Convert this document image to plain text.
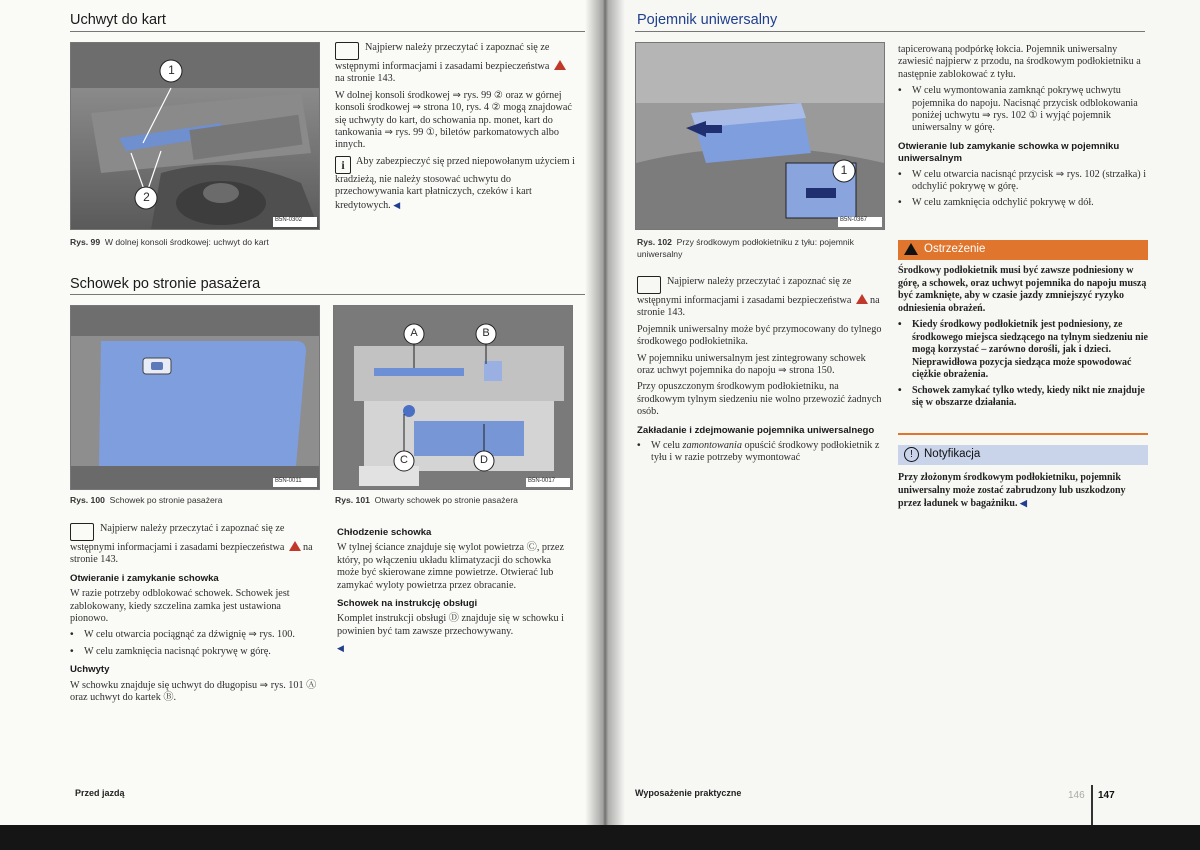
Uchwyt do kart
1
2
B5N-0302
Rys. 99 W dolnej konsoli środkowej: uchwyt do kart

Najpierw należy przeczytać i zapoznać się ze wstępnymi informacjami i zasadami bezpieczeństwa na stronie 143.

W dolnej konsoli środkowej ⇒ rys. 99 ② oraz w górnej konsoli środkowej ⇒ strona 10, rys. 4 ② mogą znajdować się uchwyty do kart, do schowania np. monet, kart do tankowania ⇒ rys. 99 ①, biletów parkomatowych albo innych.

i Aby zabezpieczyć się przed niepowołanym użyciem i kradzieżą, nie należy stosować uchwytu do przechowywania kart płatniczych, czeków i kart kredytowych. ◀

Schowek po stronie pasażera
B5N-0011
Rys. 100 Schowek po stronie pasażera
A	B
C	D
B5N-0017
Rys. 101 Otwarty schowek po stronie pasażera

Najpierw należy przeczytać i zapoznać się ze wstępnymi informacjami i zasadami bezpieczeństwa na stronie 143.

Otwieranie i zamykanie schowka

W razie potrzeby odblokować schowek. Schowek jest zablokowany, kiedy szczelina zamka jest ustawiona pionowo.

• W celu otwarcia pociągnąć za dźwignię ⇒ rys. 100.

• W celu zamknięcia nacisnąć pokrywę w górę.

Uchwyty

W schowku znajduje się uchwyt do długopisu ⇒ rys. 101 Ⓐ oraz uchwyt do kartek Ⓑ.

Chłodzenie schowka

W tylnej ściance znajduje się wylot powietrza Ⓒ, przez który, po włączeniu układu klimatyzacji do schowka może być skierowane zimne powietrze. Otwierać lub zamykać wyloty powietrza przez obracanie.

Schowek na instrukcję obsługi

Komplet instrukcji obsługi Ⓓ znajduje się w schowku i powinien być tam zawsze przechowywany.

◀

Przed jazdą
Pojemnik uniwersalny
1
B5N-0367
Rys. 102 Przy środkowym podłokietniku z tyłu: pojemnik uniwersalny

Najpierw należy przeczytać i zapoznać się ze wstępnymi informacjami i zasadami bezpieczeństwa na stronie 143.

Pojemnik uniwersalny może być przymocowany do tylnego środkowego podłokietnika.

W pojemniku uniwersalnym jest zintegrowany schowek oraz uchwyt pojemnika do napoju ⇒ strona 150.

Przy opuszczonym środkowym podłokietniku, na środkowym tylnym siedzeniu nie wolno przewozić żadnych osób.

Zakładanie i zdejmowanie pojemnika uniwersalnego

• W celu zamontowania opuścić środkowy podłokietnik z tyłu i w razie potrzeby wymontować

tapicerowaną podpórkę łokcia. Pojemnik uniwersalny zawiesić najpierw z przodu, na środkowym podłokietniku a następnie zablokować z tyłu.

• W celu wymontowania zamknąć pokrywę uchwytu pojemnika do napoju. Nacisnąć przycisk odblokowania poniżej uchwytu ⇒ rys. 102 ① i wyjąć pojemnik uniwersalny w górę.

Otwieranie lub zamykanie schowka w pojemniku uniwersalnym

• W celu otwarcia nacisnąć przycisk ⇒ rys. 102 (strzałka) i odchylić pokrywę w górę.

• W celu zamknięcia odchylić pokrywę w dół.

Ostrzeżenie

Środkowy podłokietnik musi być zawsze podniesiony w górę, a schowek, oraz uchwyt pojemnika do napoju muszą być zamknięte, aby w czasie jazdy zmniejszyć ryzyko odniesienia obrażeń.

• Kiedy środkowy podłokietnik jest podniesiony, ze środkowego miejsca siedzącego na tylnym siedzeniu nie mogą korzystać – zarówno dorośli, jak i dzieci. Nieprawidłowa pozycja siedząca może spowodować ciężkie obrażenia.

• Schowek zamykać tylko wtedy, kiedy nikt nie znajduje się w obszarze działania.

! Notyfikacja
Przy złożonym środkowym podłokietniku, pojemnik uniwersalny może zostać zabrudzony lub uszkodzony przez ładunek w bagażniku. ◀
Wyposażenie praktyczne	146 147
